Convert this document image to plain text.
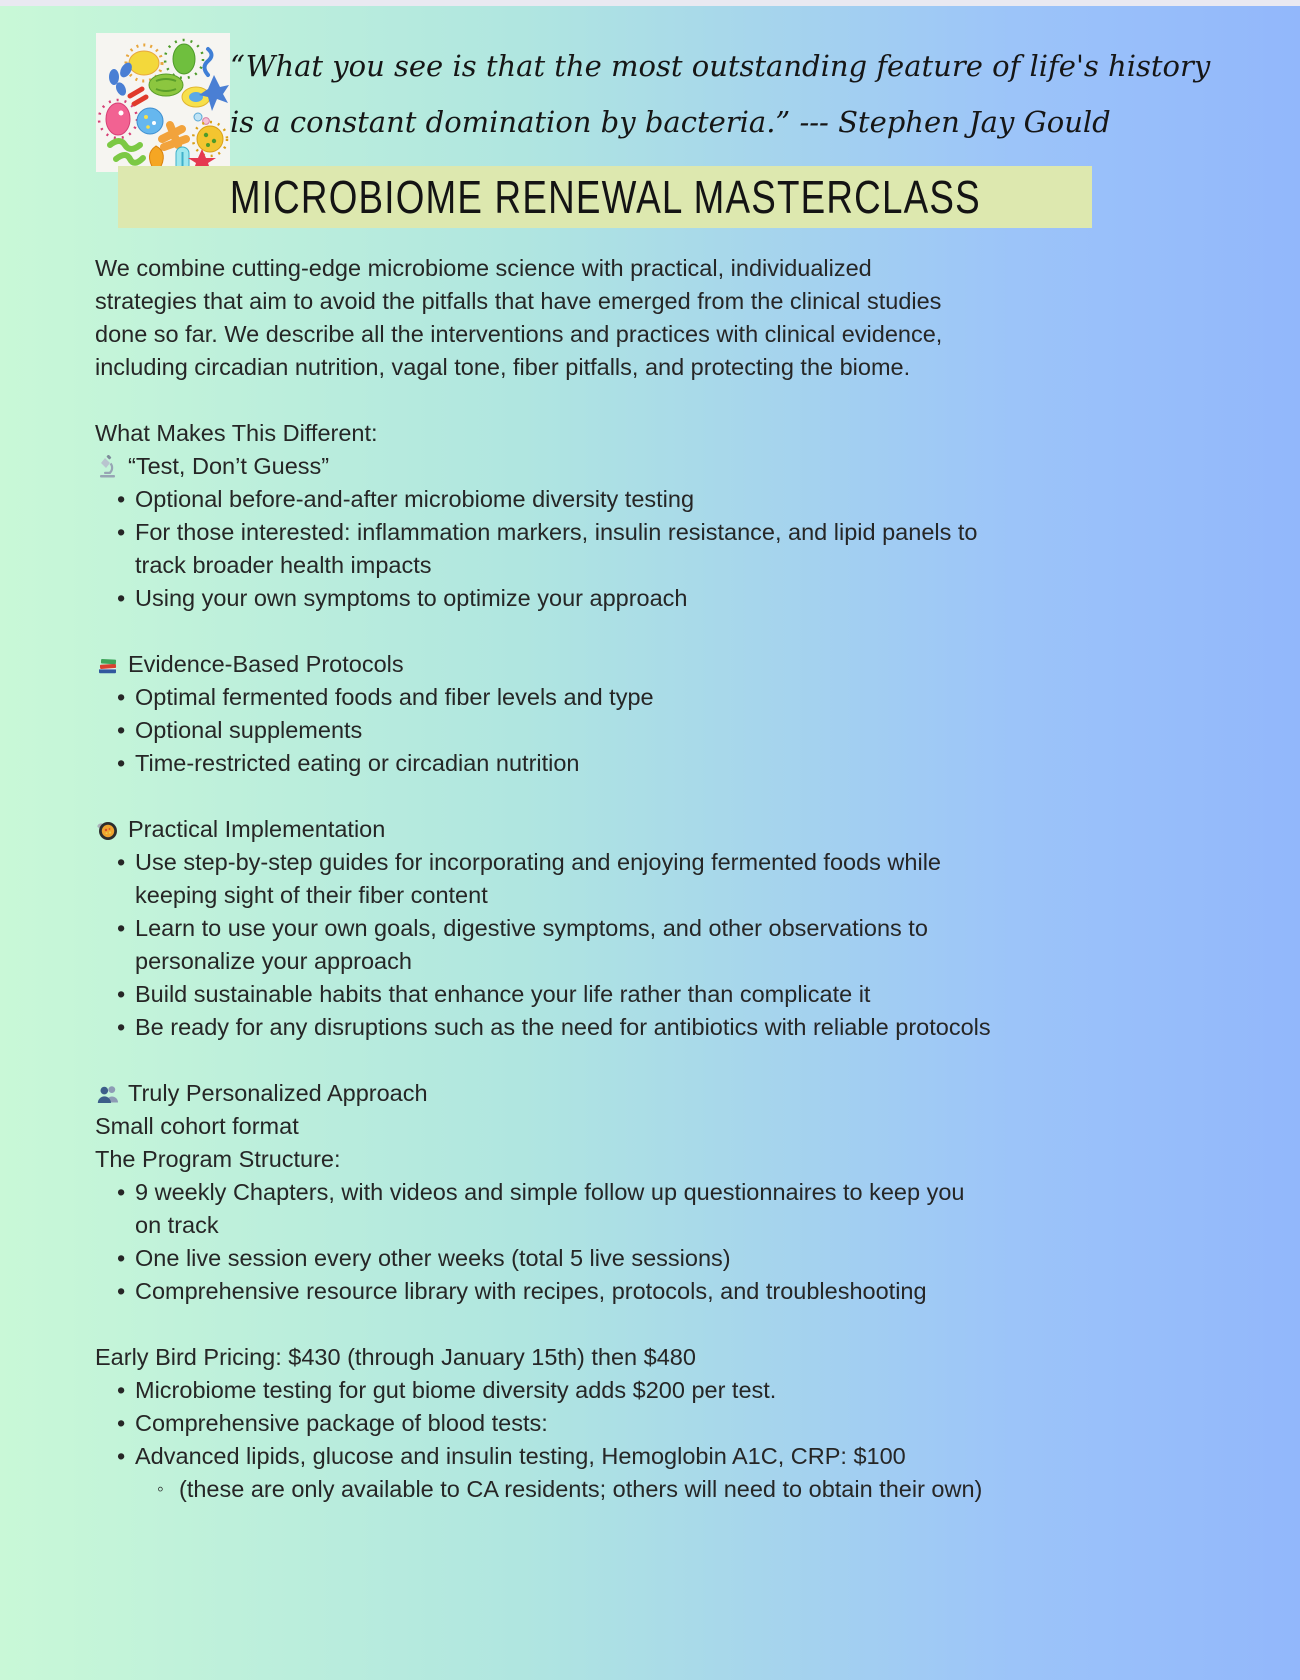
“What you see is that the most outstanding feature of life's history
is a constant domination by bacteria.” --- Stephen Jay Gould
MICROBIOME RENEWAL MASTERCLASS
We combine cutting-edge microbiome science with practical, individualized
strategies that aim to avoid the pitfalls that have emerged from the clinical studies
done so far. We describe all the interventions and practices with clinical evidence,
including circadian nutrition, vagal tone, fiber pitfalls, and protecting the biome.
What Makes This Different:
“Test, Don’t Guess”
• Optional before-and-after microbiome diversity testing
• For those interested: inflammation markers, insulin resistance, and lipid panels to
track broader health impacts
• Using your own symptoms to optimize your approach
Evidence-Based Protocols
• Optimal fermented foods and fiber levels and type
• Optional supplements
• Time-restricted eating or circadian nutrition
Practical Implementation
• Use step-by-step guides for incorporating and enjoying fermented foods while
keeping sight of their fiber content
• Learn to use your own goals, digestive symptoms, and other observations to
personalize your approach
• Build sustainable habits that enhance your life rather than complicate it
• Be ready for any disruptions such as the need for antibiotics with reliable protocols
Truly Personalized Approach
Small cohort format
The Program Structure:
• 9 weekly Chapters, with videos and simple follow up questionnaires to keep you
on track
• One live session every other weeks (total 5 live sessions)
• Comprehensive resource library with recipes, protocols, and troubleshooting
Early Bird Pricing: $430 (through January 15th) then $480
• Microbiome testing for gut biome diversity adds $200 per test.
• Comprehensive package of blood tests:
• Advanced lipids, glucose and insulin testing, Hemoglobin A1C, CRP: $100
◦ (these are only available to CA residents; others will need to obtain their own)
